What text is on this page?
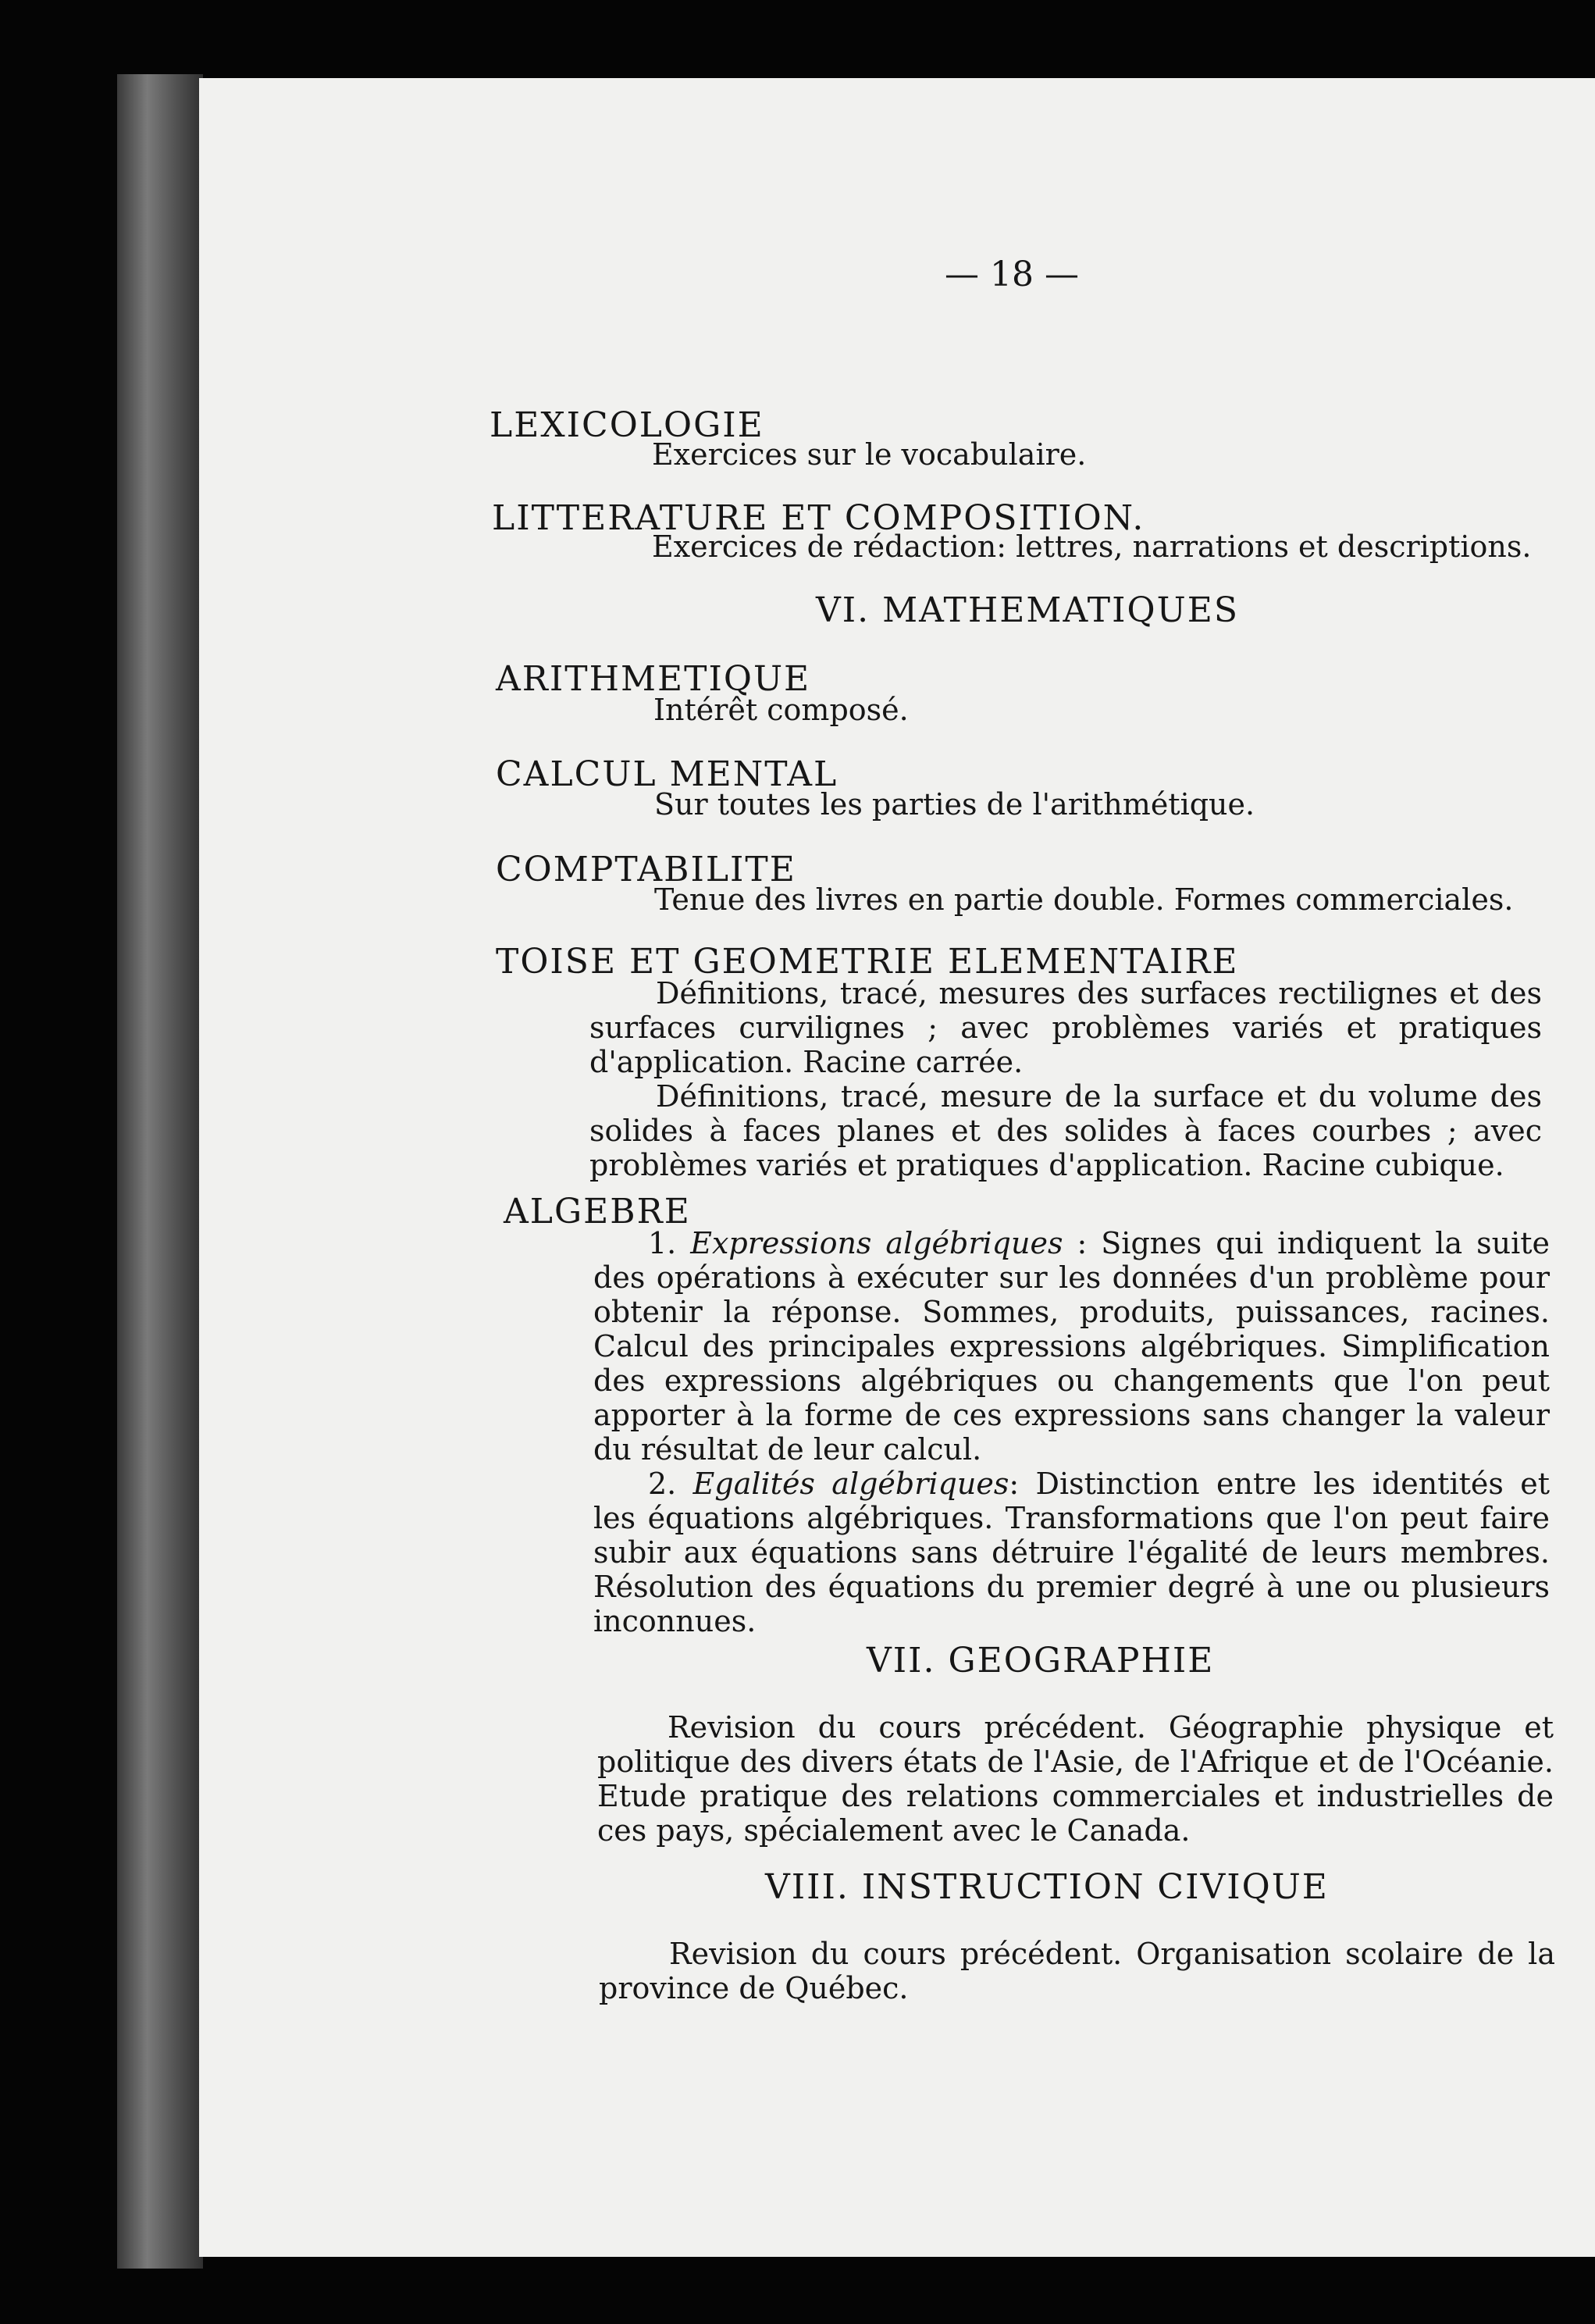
— 18 —
LEXICOLOGIE
Exercices sur le vocabulaire.
LITTERATURE ET COMPOSITION.
Exercices de rédaction: lettres, narrations et descriptions.
VI. MATHEMATIQUES
ARITHMETIQUE
Intérêt composé.
CALCUL MENTAL
Sur toutes les parties de l'arithmétique.
COMPTABILITE
Tenue des livres en partie double. Formes commerciales.
TOISE ET GEOMETRIE ELEMENTAIRE

Définitions, tracé, mesures des surfaces rectilignes et des surfaces curvilignes ; avec problèmes variés et pratiques d'application. Racine carrée.

Définitions, tracé, mesure de la surface et du volume des solides à faces planes et des solides à faces courbes ; avec problèmes variés et pratiques d'application. Racine cubique.

ALGEBRE

1. Expressions algébriques : Signes qui indiquent la suite des opérations à exécuter sur les données d'un problème pour obtenir la réponse. Sommes, produits, puissances, racines. Calcul des principales expressions algébriques. Simplification des expressions algébriques ou changements que l'on peut apporter à la forme de ces expressions sans changer la valeur du résultat de leur calcul.

2. Egalités algébriques: Distinction entre les identités et les équations algébriques. Transformations que l'on peut faire subir aux équations sans détruire l'égalité de leurs membres. Résolution des équations du premier degré à une ou plusieurs inconnues.

VII. GEOGRAPHIE

Revision du cours précédent. Géographie physique et politique des divers états de l'Asie, de l'Afrique et de l'Océanie. Etude pratique des relations commerciales et industrielles de ces pays, spécialement avec le Canada.

VIII. INSTRUCTION CIVIQUE

Revision du cours précédent. Organisation scolaire de la province de Québec.
